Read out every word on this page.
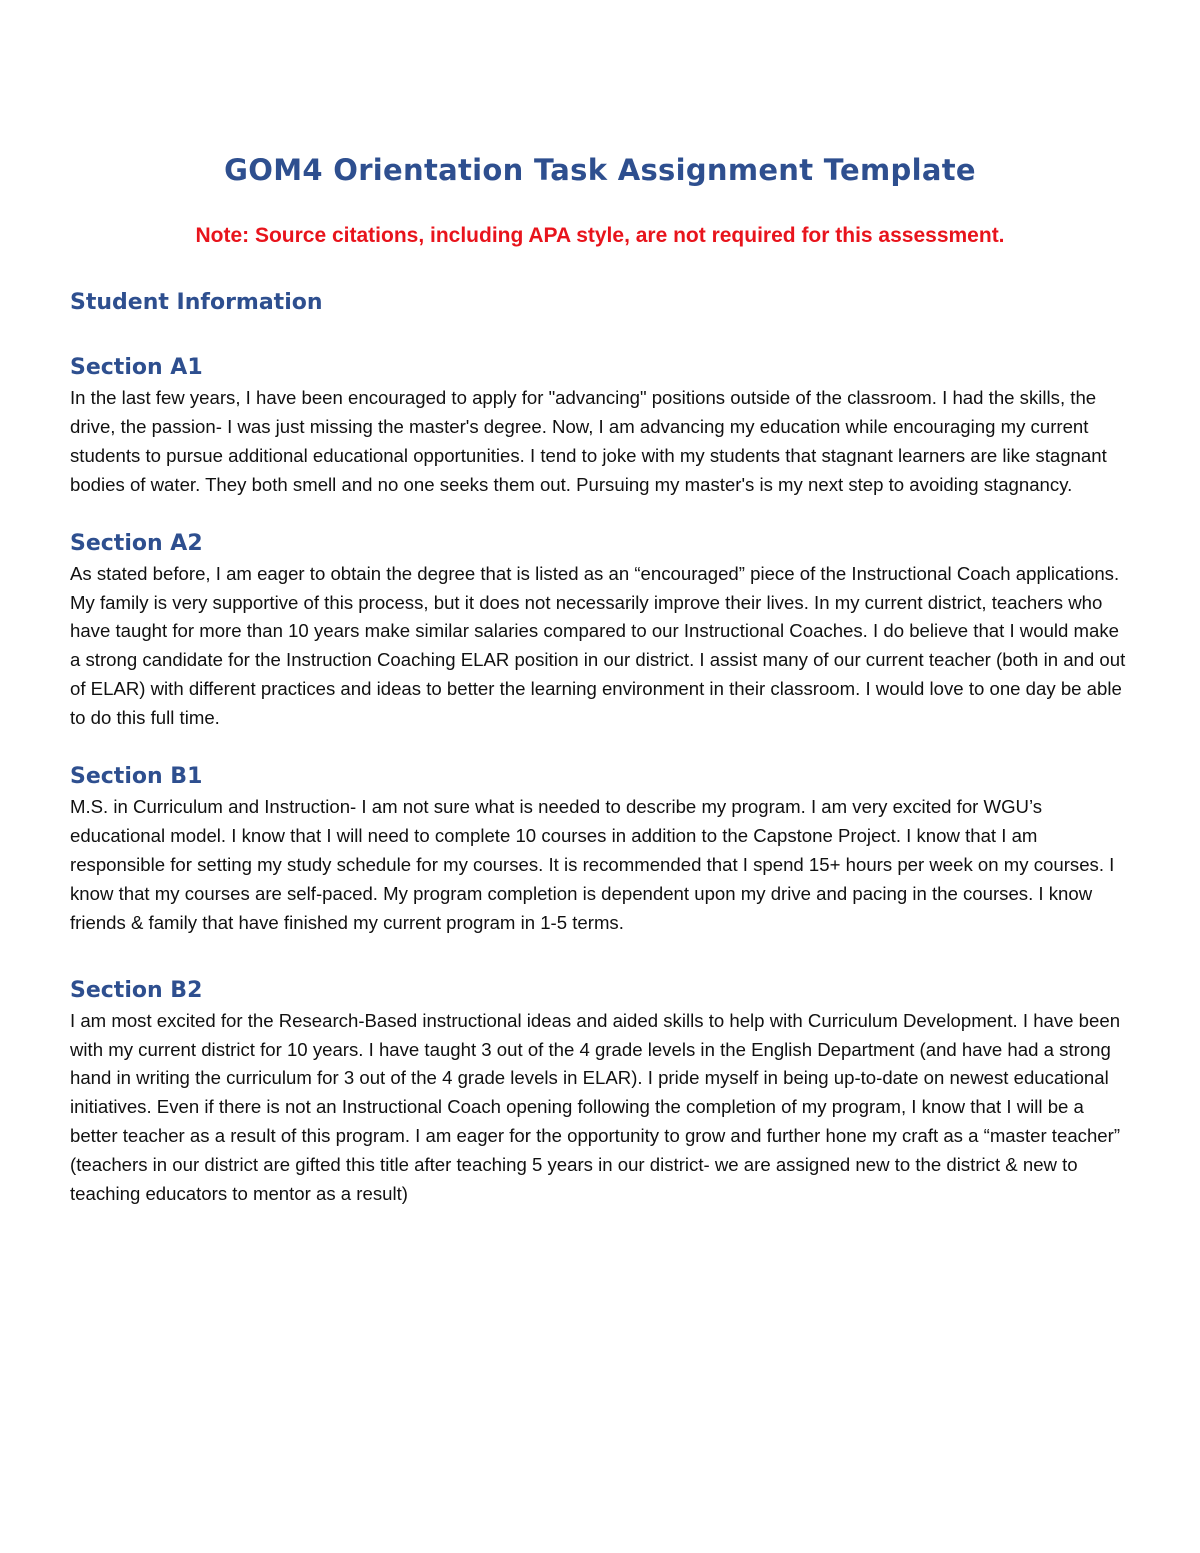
GOM4 Orientation Task Assignment Template

Note: Source citations, including APA style, are not required for this assessment.

Student Information
Section A1

In the last few years, I have been encouraged to apply for "advancing" positions outside of the classroom. I had the skills, the drive, the passion- I was just missing the master's degree. Now, I am advancing my education while encouraging my current students to pursue additional educational opportunities. I tend to joke with my students that stagnant learners are like stagnant bodies of water. They both smell and no one seeks them out. Pursuing my master's is my next step to avoiding stagnancy.

Section A2

As stated before, I am eager to obtain the degree that is listed as an “encouraged” piece of the Instructional Coach applications. My family is very supportive of this process, but it does not necessarily improve their lives. In my current district, teachers who have taught for more than 10 years make similar salaries compared to our Instructional Coaches. I do believe that I would make a strong candidate for the Instruction Coaching ELAR position in our district. I assist many of our current teacher (both in and out of ELAR) with different practices and ideas to better the learning environment in their classroom. I would love to one day be able to do this full time.

Section B1

M.S. in Curriculum and Instruction- I am not sure what is needed to describe my program. I am very excited for WGU’s educational model. I know that I will need to complete 10 courses in addition to the Capstone Project. I know that I am responsible for setting my study schedule for my courses. It is recommended that I spend 15+ hours per week on my courses. I know that my courses are self-paced. My program completion is dependent upon my drive and pacing in the courses. I know friends & family that have finished my current program in 1-5 terms.

Section B2

I am most excited for the Research-Based instructional ideas and aided skills to help with Curriculum Development. I have been with my current district for 10 years. I have taught 3 out of the 4 grade levels in the English Department (and have had a strong hand in writing the curriculum for 3 out of the 4 grade levels in ELAR). I pride myself in being up-to-date on newest educational initiatives. Even if there is not an Instructional Coach opening following the completion of my program, I know that I will be a better teacher as a result of this program. I am eager for the opportunity to grow and further hone my craft as a “master teacher” (teachers in our district are gifted this title after teaching 5 years in our district- we are assigned new to the district & new to teaching educators to mentor as a result)
